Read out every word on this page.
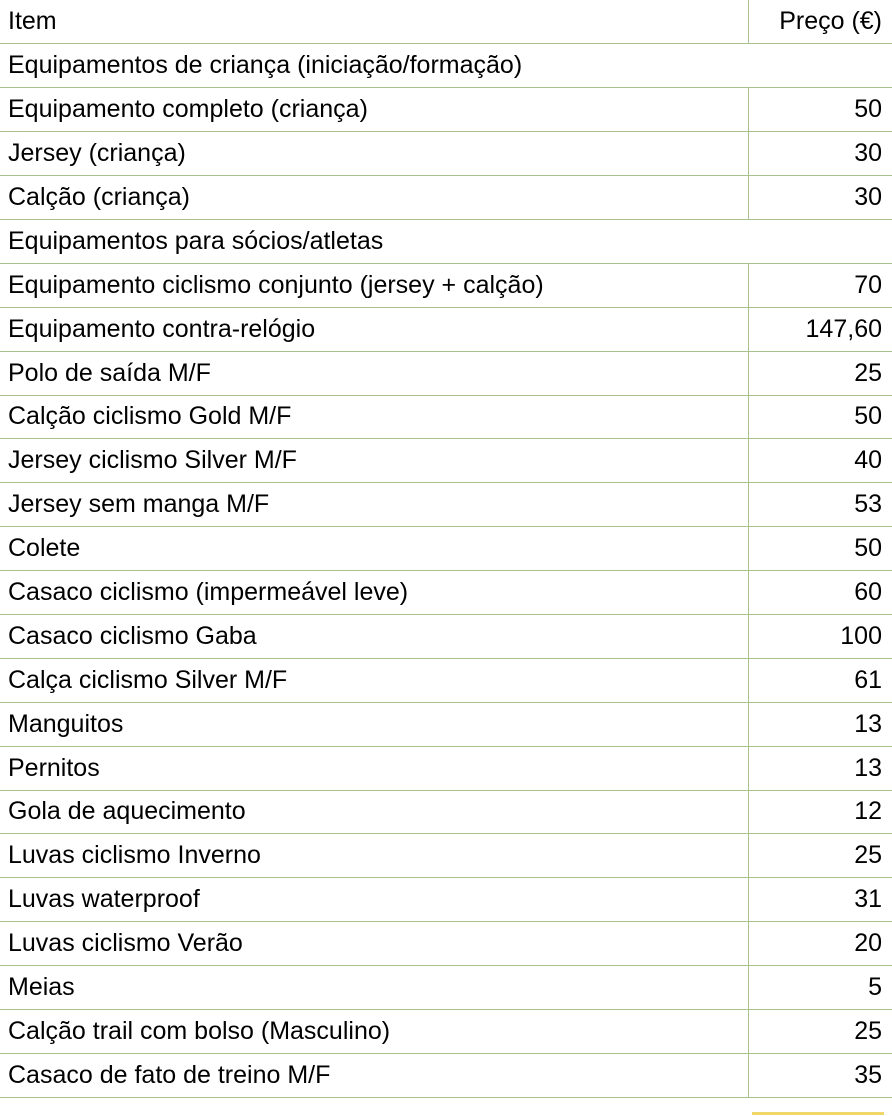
Item	Preço (€)
Equipamentos de criança (iniciação/formação)	
Equipamento completo (criança)	50
Jersey (criança)	30
Calção (criança)	30
Equipamentos para sócios/atletas	
Equipamento ciclismo conjunto (jersey + calção)	70
Equipamento contra-relógio	147,60
Polo de saída M/F	25
Calção ciclismo Gold M/F	50
Jersey ciclismo Silver M/F	40
Jersey sem manga M/F	53
Colete	50
Casaco ciclismo (impermeável leve)	60
Casaco ciclismo Gaba	100
Calça ciclismo Silver M/F	61
Manguitos	13
Pernitos	13
Gola de aquecimento	12
Luvas ciclismo Inverno	25
Luvas waterproof	31
Luvas ciclismo Verão	20
Meias	5
Calção trail com bolso (Masculino)	25
Casaco de fato de treino M/F	35
